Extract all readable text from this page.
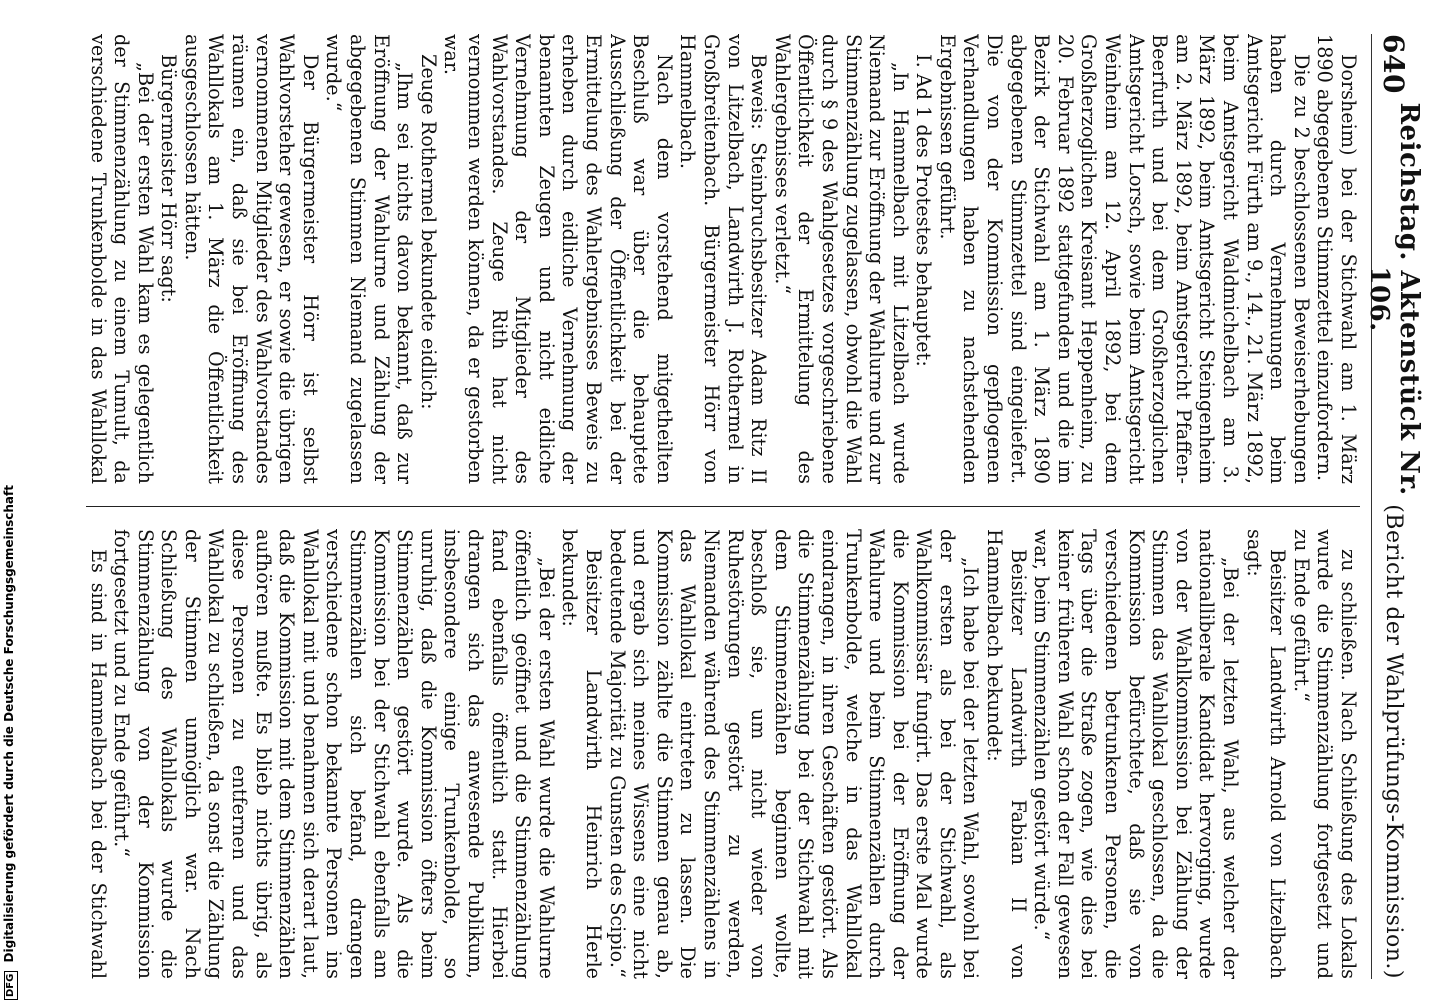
640
Reichstag. Aktenstück Nr. 106.
(Bericht der Wahlprüfungs-Kommission.)

Dorsheim) bei der Stichwahl am 1. März 1890 abgegebenen Stimmzettel einzufordern.

Die zu 2 beschlossenen Beweiserhebungen haben durch Vernehmungen beim Amtsgericht Fürth am 9., 14., 21. März 1892, beim Amtsgericht Waldmichelbach am 3. März 1892, beim Amtsgericht Steingenheim am 2. März 1892, beim Amtsgericht Pfaffen-Beerfurth und bei dem Großherzoglichen Amtsgericht Lorsch, sowie beim Amtsgericht Weinheim am 12. April 1892, bei dem Großherzoglichen Kreisamt Heppenheim, zu 20. Februar 1892 stattgefunden und die im Bezirk der Stichwahl am 1. März 1890 abgegebenen Stimmzettel sind eingeliefert. Die von der Kommission gepflogenen Verhandlungen haben zu nachstehenden Ergebnissen geführt.

I. Ad 1 des Protestes behauptet:

„In Hammelbach mit Litzelbach wurde Niemand zur Eröffnung der Wahlurne und zur Stimmenzählung zugelassen, obwohl die Wahl durch § 9 des Wahlgesetzes vorgeschriebene Öffentlichkeit der Ermittelung des Wahlergebnisses verletzt.“

Beweis: Steinbruchsbesitzer Adam Ritz II von Litzelbach, Landwirth J. Rothermel in Großbreitenbach. Bürgermeister Hörr von Hammelbach.

Nach dem vorstehend mitgetheilten Beschluß war über die behauptete Ausschließung der Öffentlichkeit bei der Ermittelung des Wahlergebnisses Beweis zu erheben durch eidliche Vernehmung der benannten Zeugen und nicht eidliche Vernehmung der Mitglieder des Wahlvorstandes. Zeuge Rith hat nicht vernommen werden können, da er gestorben war.

Zeuge Rothermel bekundete eidlich:

„Ihm sei nichts davon bekannt, daß zur Eröffnung der Wahlurne und Zählung der abgegebenen Stimmen Niemand zugelassen wurde.“

Der Bürgermeister Hörr ist selbst Wahlvorsteher gewesen, er sowie die übrigen vernommenen Mitglieder des Wahlvorstandes räumen ein, daß sie bei Eröffnung des Wahllokals am 1. März die Öffentlichkeit ausgeschlossen hätten.

Bürgermeister Hörr sagt:

„Bei der ersten Wahl kam es gelegentlich der Stimmenzählung zu einem Tumult, da verschiedene Trunkenbolde in das Wahllokal

zu schließen. Nach Schließung des Lokals wurde die Stimmenzählung fortgesetzt und zu Ende geführt.“

Beisitzer Landwirth Arnold von Litzelbach sagt:

„Bei der letzten Wahl, aus welcher der nationalliberale Kandidat hervorging, wurde von der Wahlkommission bei Zählung der Stimmen das Wahllokal geschlossen, da die Kommission befürchtete, daß sie von verschiedenen betrunkenen Personen, die Tags über die Straße zogen, wie dies bei keiner früheren Wahl schon der Fall gewesen war, beim Stimmenzählen gestört würde.“

Beisitzer Landwirth Fabian II von Hammelbach bekundet:

„Ich habe bei der letzten Wahl, sowohl bei der ersten als bei der Stichwahl, als Wahlkommissär fungirt. Das erste Mal wurde die Kommission bei der Eröffnung der Wahlurne und beim Stimmenzählen durch Trunkenbolde, welche in das Wahllokal eindrangen, in ihren Geschäften gestört. Als die Stimmenzählung bei der Stichwahl mit dem Stimmenzählen beginnen wollte, beschloß sie, um nicht wieder von Ruhestörungen gestört zu werden, Niemanden während des Stimmenzählens in das Wahllokal eintreten zu lassen. Die Kommission zählte die Stimmen genau ab, und ergab sich meines Wissens eine nicht bedeutende Majorität zu Gunsten des Scipio.“

Beisitzer Landwirth Heinrich Herle bekundet:

„Bei der ersten Wahl wurde die Wahlurne öffentlich geöffnet und die Stimmenzählung fand ebenfalls öffentlich statt. Hierbei drangen sich das anwesende Publikum, insbesondere einige Trunkenbolde, so unruhig, daß die Kommission öfters beim Stimmenzählen gestört wurde. Als die Kommission bei der Stichwahl ebenfalls am Stimmenzählen sich befand, drangen verschiedene schon bekannte Personen ins Wahllokal mit und benahmen sich derart laut, daß die Kommission mit dem Stimmenzählen aufhören mußte. Es blieb nichts übrig, als diese Personen zu entfernen und das Wahllokal zu schließen, da sonst die Zählung der Stimmen unmöglich war. Nach Schließung des Wahllokals wurde die Stimmenzählung von der Kommission fortgesetzt und zu Ende geführt.“

Es sind in Hammelbach bei der Stichwahl

DFG Digitalisierung gefördert durch die Deutsche Forschungsgemeinschaft
